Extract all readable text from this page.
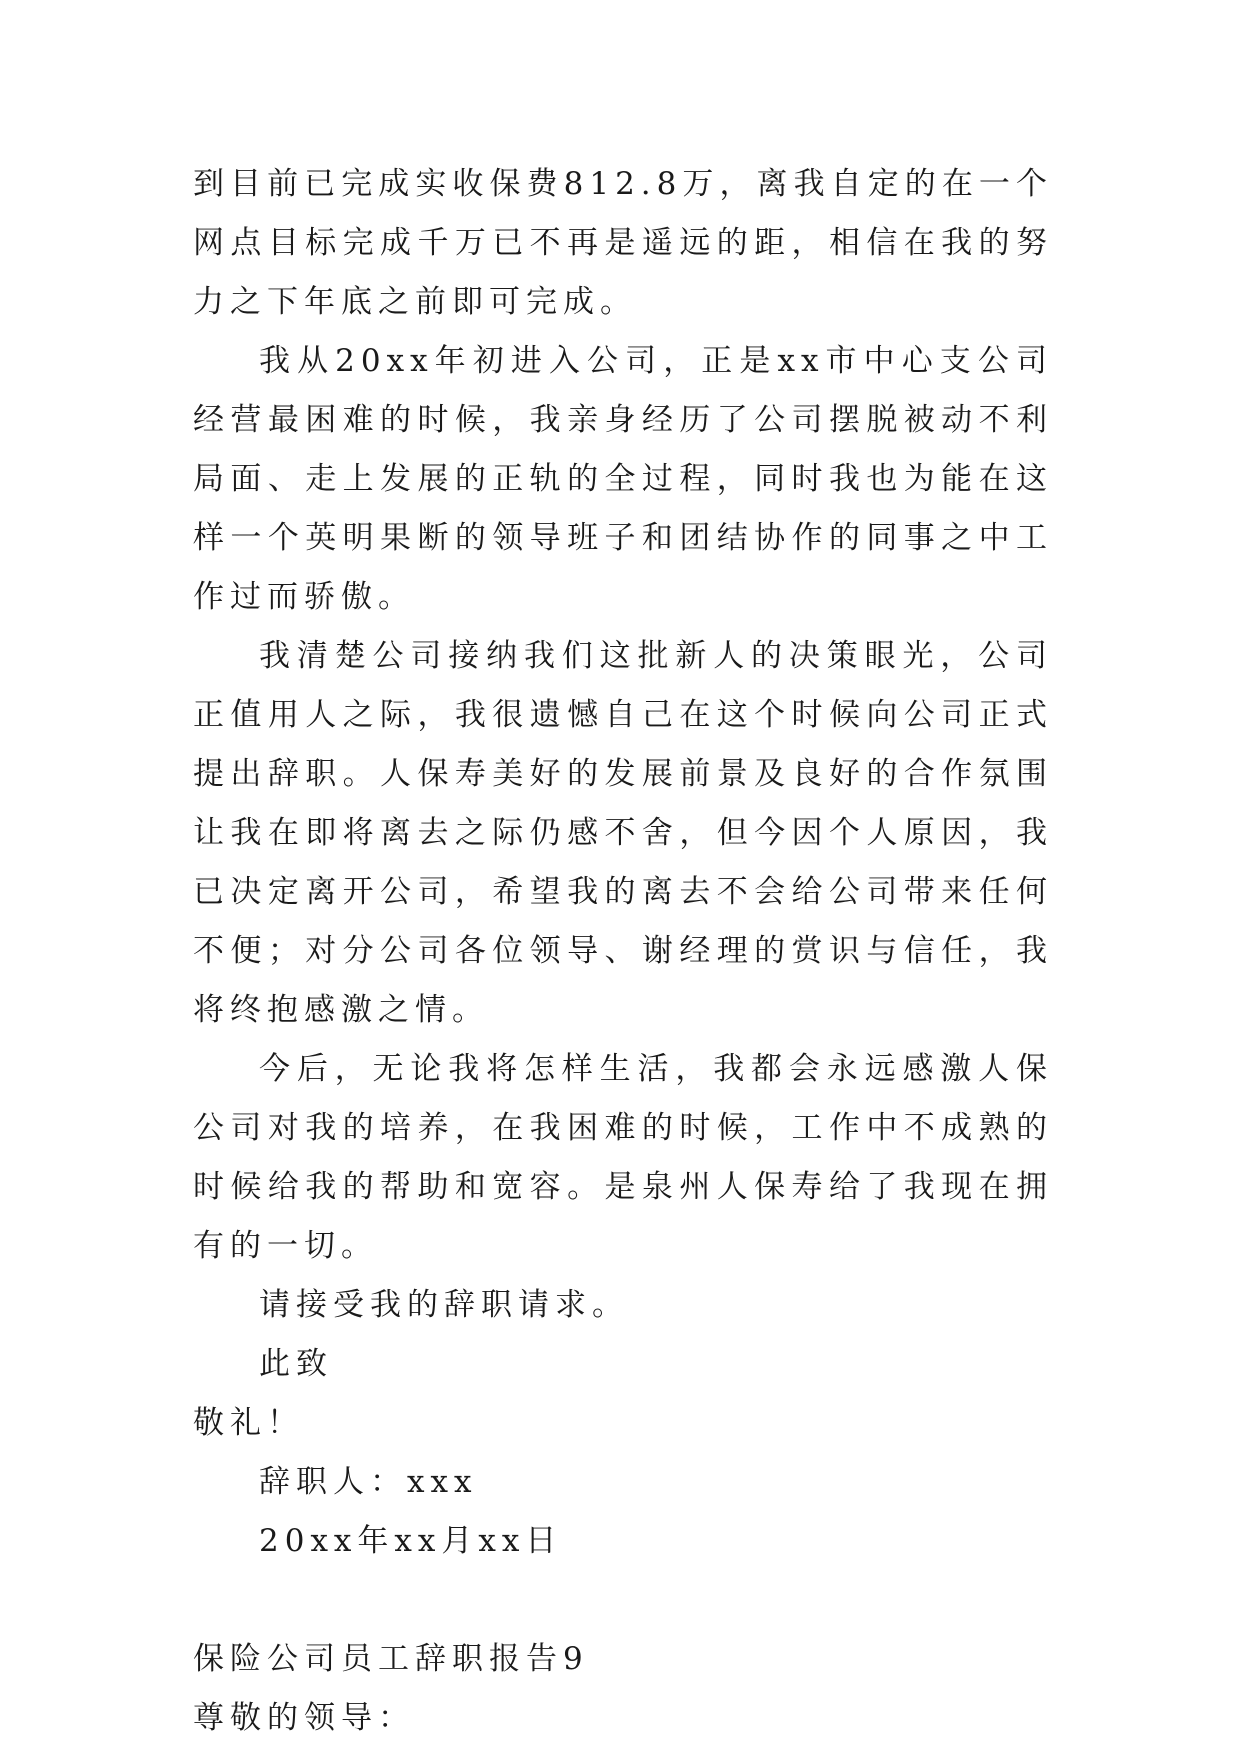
到目前已完成实收保费812.8万，离我自定的在一个网点目标完成千万已不再是遥远的距，相信在我的努力之下年底之前即可完成。

我从20xx年初进入公司，正是xx市中心支公司经营最困难的时候，我亲身经历了公司摆脱被动不利局面、走上发展的正轨的全过程，同时我也为能在这样一个英明果断的领导班子和团结协作的同事之中工作过而骄傲。

我清楚公司接纳我们这批新人的决策眼光，公司正值用人之际，我很遗憾自己在这个时候向公司正式提出辞职。人保寿美好的发展前景及良好的合作氛围让我在即将离去之际仍感不舍，但今因个人原因，我已决定离开公司，希望我的离去不会给公司带来任何不便；对分公司各位领导、谢经理的赏识与信任，我将终抱感激之情。

今后，无论我将怎样生活，我都会永远感激人保公司对我的培养，在我困难的时候，工作中不成熟的时候给我的帮助和宽容。是泉州人保寿给了我现在拥有的一切。

请接受我的辞职请求。

此致

敬礼！

辞职人：xxx

20xx年xx月xx日

保险公司员工辞职报告9

尊敬的领导：
